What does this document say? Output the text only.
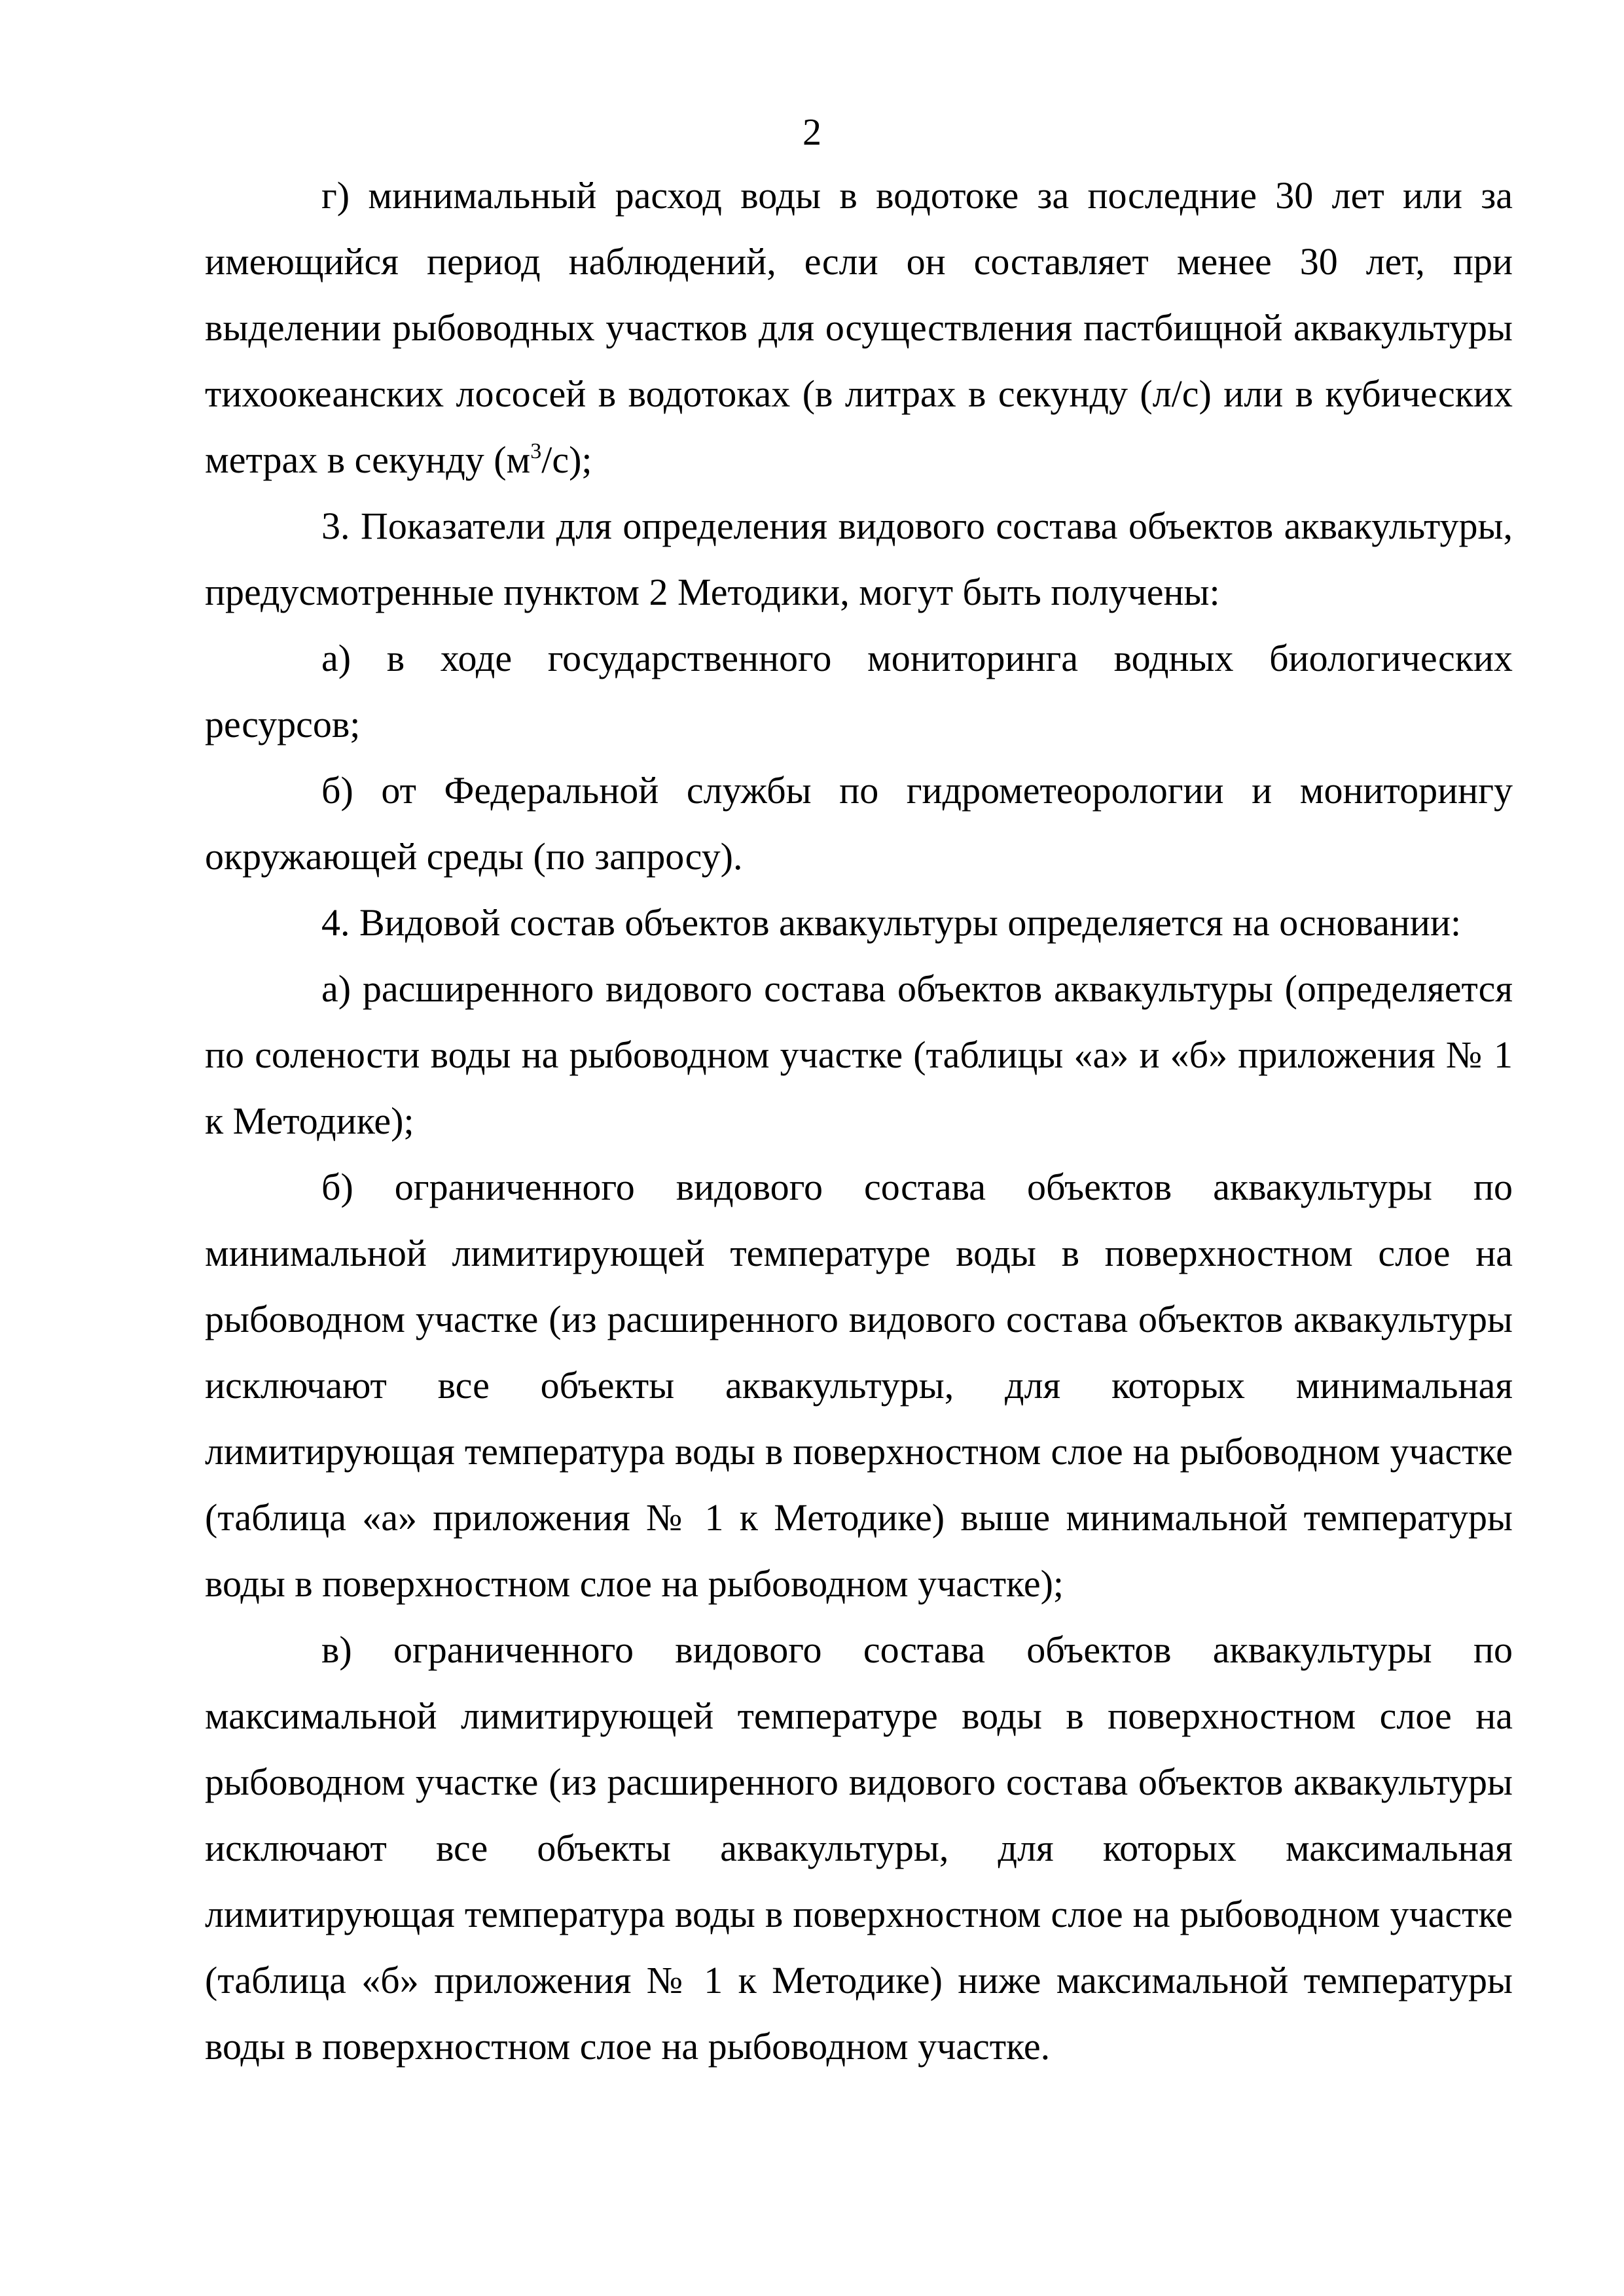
2

г) минимальный расход воды в водотоке за последние 30 лет или за имеющийся период наблюдений, если он составляет менее 30 лет, при выделении рыбоводных участков для осуществления пастбищной аквакультуры тихоокеанских лососей в водотоках (в литрах в секунду (л/с) или в кубических метрах в секунду $(м^3/с)$;

3. Показатели для определения видового состава объектов аквакультуры, предусмотренные пунктом 2 Методики, могут быть получены:

а) в ходе государственного мониторинга водных биологических ресурсов;

б) от Федеральной службы по гидрометеорологии и мониторингу окружающей среды (по запросу).

4. Видовой состав объектов аквакультуры определяется на основании:

а) расширенного видового состава объектов аквакультуры (определяется по солености воды на рыбоводном участке (таблицы «а» и «б» приложения № 1 к Методике);

б) ограниченного видового состава объектов аквакультуры по минимальной лимитирующей температуре воды в поверхностном слое на рыбоводном участке (из расширенного видового состава объектов аквакультуры исключают все объекты аквакультуры, для которых минимальная лимитирующая температура воды в поверхностном слое на рыбоводном участке (таблица «а» приложения № 1 к Методике) выше минимальной температуры воды в поверхностном слое на рыбоводном участке);

в) ограниченного видового состава объектов аквакультуры по максимальной лимитирующей температуре воды в поверхностном слое на рыбоводном участке (из расширенного видового состава объектов аквакультуры исключают все объекты аквакультуры, для которых максимальная лимитирующая температура воды в поверхностном слое на рыбоводном участке (таблица «б» приложения № 1 к Методике) ниже максимальной температуры воды в поверхностном слое на рыбоводном участке.
